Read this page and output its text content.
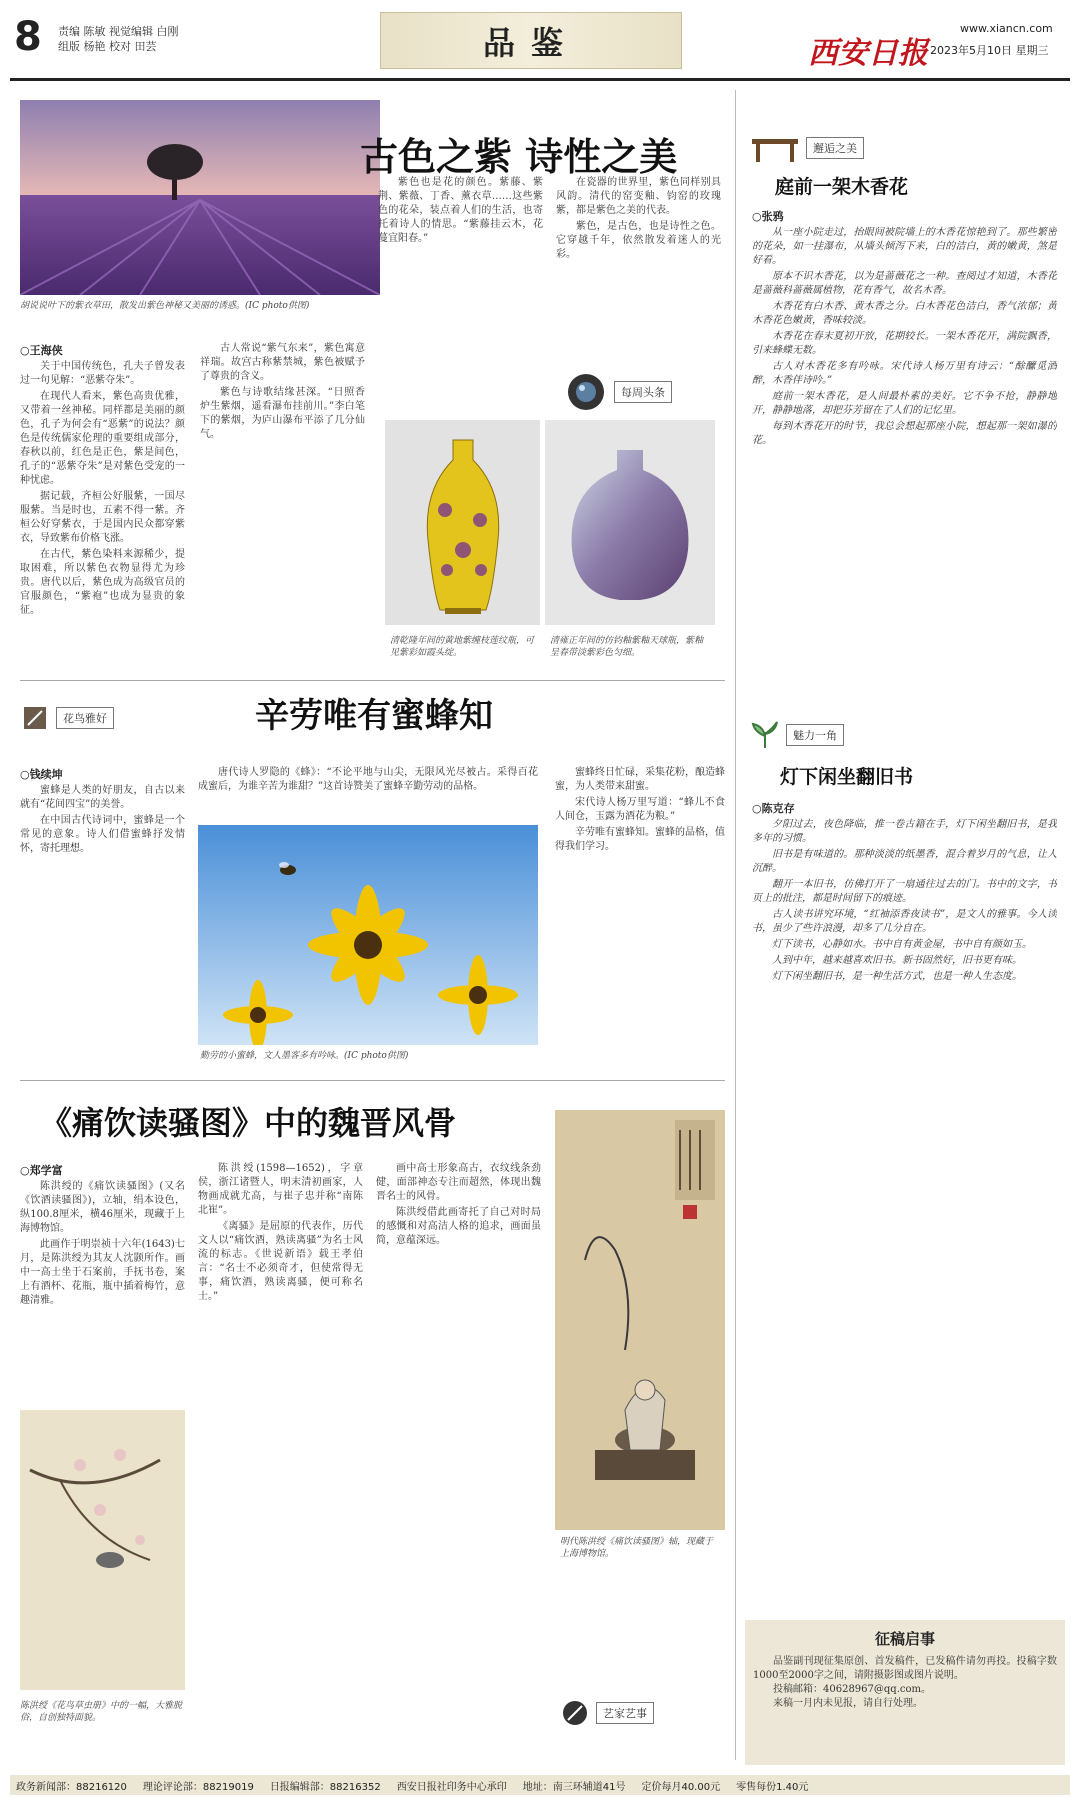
8 责编 陈敏 视觉编辑 白刚
组版 杨艳 校对 田芸	品鉴	西安日报
www.xiancn.com
2023年5月10日 星期三
胡说说叶下的紫衣草田，散发出紫色神秘又美丽的诱惑。(IC photo供图)
古色之紫 诗性之美
○王海侠

关于中国传统色，孔夫子曾发表过一句见解：“恶紫夺朱”。

在现代人看来，紫色高贵优雅，又带着一丝神秘。同样都是美丽的颜色，孔子为何会有“恶紫”的说法？颜色是传统儒家伦理的重要组成部分，春秋以前，红色是正色，紫是间色，孔子的“恶紫夺朱”是对紫色受宠的一种忧虑。

据记载，齐桓公好服紫，一国尽服紫。当是时也，五素不得一紫。齐桓公好穿紫衣，于是国内民众都穿紫衣，导致紫布价格飞涨。

在古代，紫色染料来源稀少，提取困难，所以紫色衣物显得尤为珍贵。唐代以后，紫色成为高级官员的官服颜色，“紫袍”也成为显贵的象征。

古人常说“紫气东来”，紫色寓意祥瑞。故宫古称紫禁城，紫色被赋予了尊贵的含义。

紫色与诗歌结缘甚深。“日照香炉生紫烟，遥看瀑布挂前川。”李白笔下的紫烟，为庐山瀑布平添了几分仙气。

紫色也是花的颜色。紫藤、紫荆、紫薇、丁香、薰衣草……这些紫色的花朵，装点着人们的生活，也寄托着诗人的情思。“紫藤挂云木，花蔓宜阳春。”

在瓷器的世界里，紫色同样别具风韵。清代的窑变釉、钧窑的玫瑰紫，都是紫色之美的代表。

紫色，是古色，也是诗性之色。它穿越千年，依然散发着迷人的光彩。

每周头条
清乾隆年间的黄地紫缠枝莲纹瓶，可见紫彩如霞头绽。
清雍正年间的仿钧釉紫釉天球瓶，紫釉呈春带淡紫彩色匀细。
邂逅之美
庭前一架木香花
○张鸦

从一座小院走过，抬眼间被院墙上的木香花惊艳到了。那些繁密的花朵，如一挂瀑布，从墙头倾泻下来，白的洁白，黄的嫩黄，煞是好看。

原本不识木香花，以为是蔷薇花之一种。查阅过才知道，木香花是蔷薇科蔷薇属植物，花有香气，故名木香。

木香花有白木香、黄木香之分。白木香花色洁白，香气浓郁；黄木香花色嫩黄，香味较淡。

木香花在春末夏初开放，花期较长。一架木香花开，满院飘香，引来蜂蝶无数。

古人对木香花多有吟咏。宋代诗人杨万里有诗云：“酴醿觅酒醉，木香伴诗吟。”

庭前一架木香花，是人间最朴素的美好。它不争不抢，静静地开，静静地落，却把芬芳留在了人们的记忆里。

每到木香花开的时节，我总会想起那座小院，想起那一架如瀑的花。

魅力一角
灯下闲坐翻旧书
○陈克存

夕阳过去，夜色降临，推一卷古籍在手，灯下闲坐翻旧书，是我多年的习惯。

旧书是有味道的。那种淡淡的纸墨香，混合着岁月的气息，让人沉醉。

翻开一本旧书，仿佛打开了一扇通往过去的门。书中的文字，书页上的批注，都是时间留下的痕迹。

古人读书讲究环境，“红袖添香夜读书”，是文人的雅事。今人读书，虽少了些许浪漫，却多了几分自在。

灯下读书，心静如水。书中自有黄金屋，书中自有颜如玉。

人到中年，越来越喜欢旧书。新书固然好，旧书更有味。

灯下闲坐翻旧书，是一种生活方式，也是一种人生态度。

征稿启事
品鉴副刊现征集原创、首发稿件，已发稿件请勿再投。投稿字数1000至2000字之间，请附摄影图或图片说明。
投稿邮箱：40628967@qq.com。
来稿一月内未见报，请自行处理。
花鸟雅好	辛劳唯有蜜蜂知
○钱续坤

蜜蜂是人类的好朋友，自古以来就有“花间四宝”的美誉。

在中国古代诗词中，蜜蜂是一个常见的意象。诗人们借蜜蜂抒发情怀，寄托理想。

勤劳的小蜜蜂，文人墨客多有吟咏。(IC photo供图)

唐代诗人罗隐的《蜂》：“不论平地与山尖，无限风光尽被占。采得百花成蜜后，为谁辛苦为谁甜？”这首诗赞美了蜜蜂辛勤劳动的品格。

蜜蜂终日忙碌，采集花粉，酿造蜂蜜，为人类带来甜蜜。

宋代诗人杨万里写道：“蜂儿不食人间仓，玉露为酒花为粮。”

辛劳唯有蜜蜂知。蜜蜂的品格，值得我们学习。

《痛饮读骚图》中的魏晋风骨
○郑学富

陈洪绶的《痛饮读骚图》(又名《饮酒读骚图》)，立轴，绢本设色，纵100.8厘米，横46厘米，现藏于上海博物馆。

此画作于明崇祯十六年(1643)七月，是陈洪绶为其友人沈颢所作。画中一高士坐于石案前，手抚书卷，案上有酒杯、花瓶，瓶中插着梅竹，意趣清雅。

陈洪绶《花鸟草虫册》中的一幅，大雅脱俗，自创独特面貌。

陈洪绶(1598—1652)，字章侯，浙江诸暨人，明末清初画家，人物画成就尤高，与崔子忠并称“南陈北崔”。

《离骚》是屈原的代表作，历代文人以“痛饮酒，熟读离骚”为名士风流的标志。《世说新语》载王孝伯言：“名士不必须奇才，但使常得无事，痛饮酒，熟读离骚，便可称名士。”

画中高士形象高古，衣纹线条劲健，面部神态专注而超然，体现出魏晋名士的风骨。

陈洪绶借此画寄托了自己对时局的感慨和对高洁人格的追求，画面虽简，意蕴深远。

明代陈洪绶《痛饮读骚图》轴，现藏于上海博物馆。
艺家艺事
政务新闻部：88216120 理论评论部：88219019 日报编辑部：88216352 西安日报社印务中心承印 地址：南三环辅道41号 定价每月40.00元 零售每份1.40元
